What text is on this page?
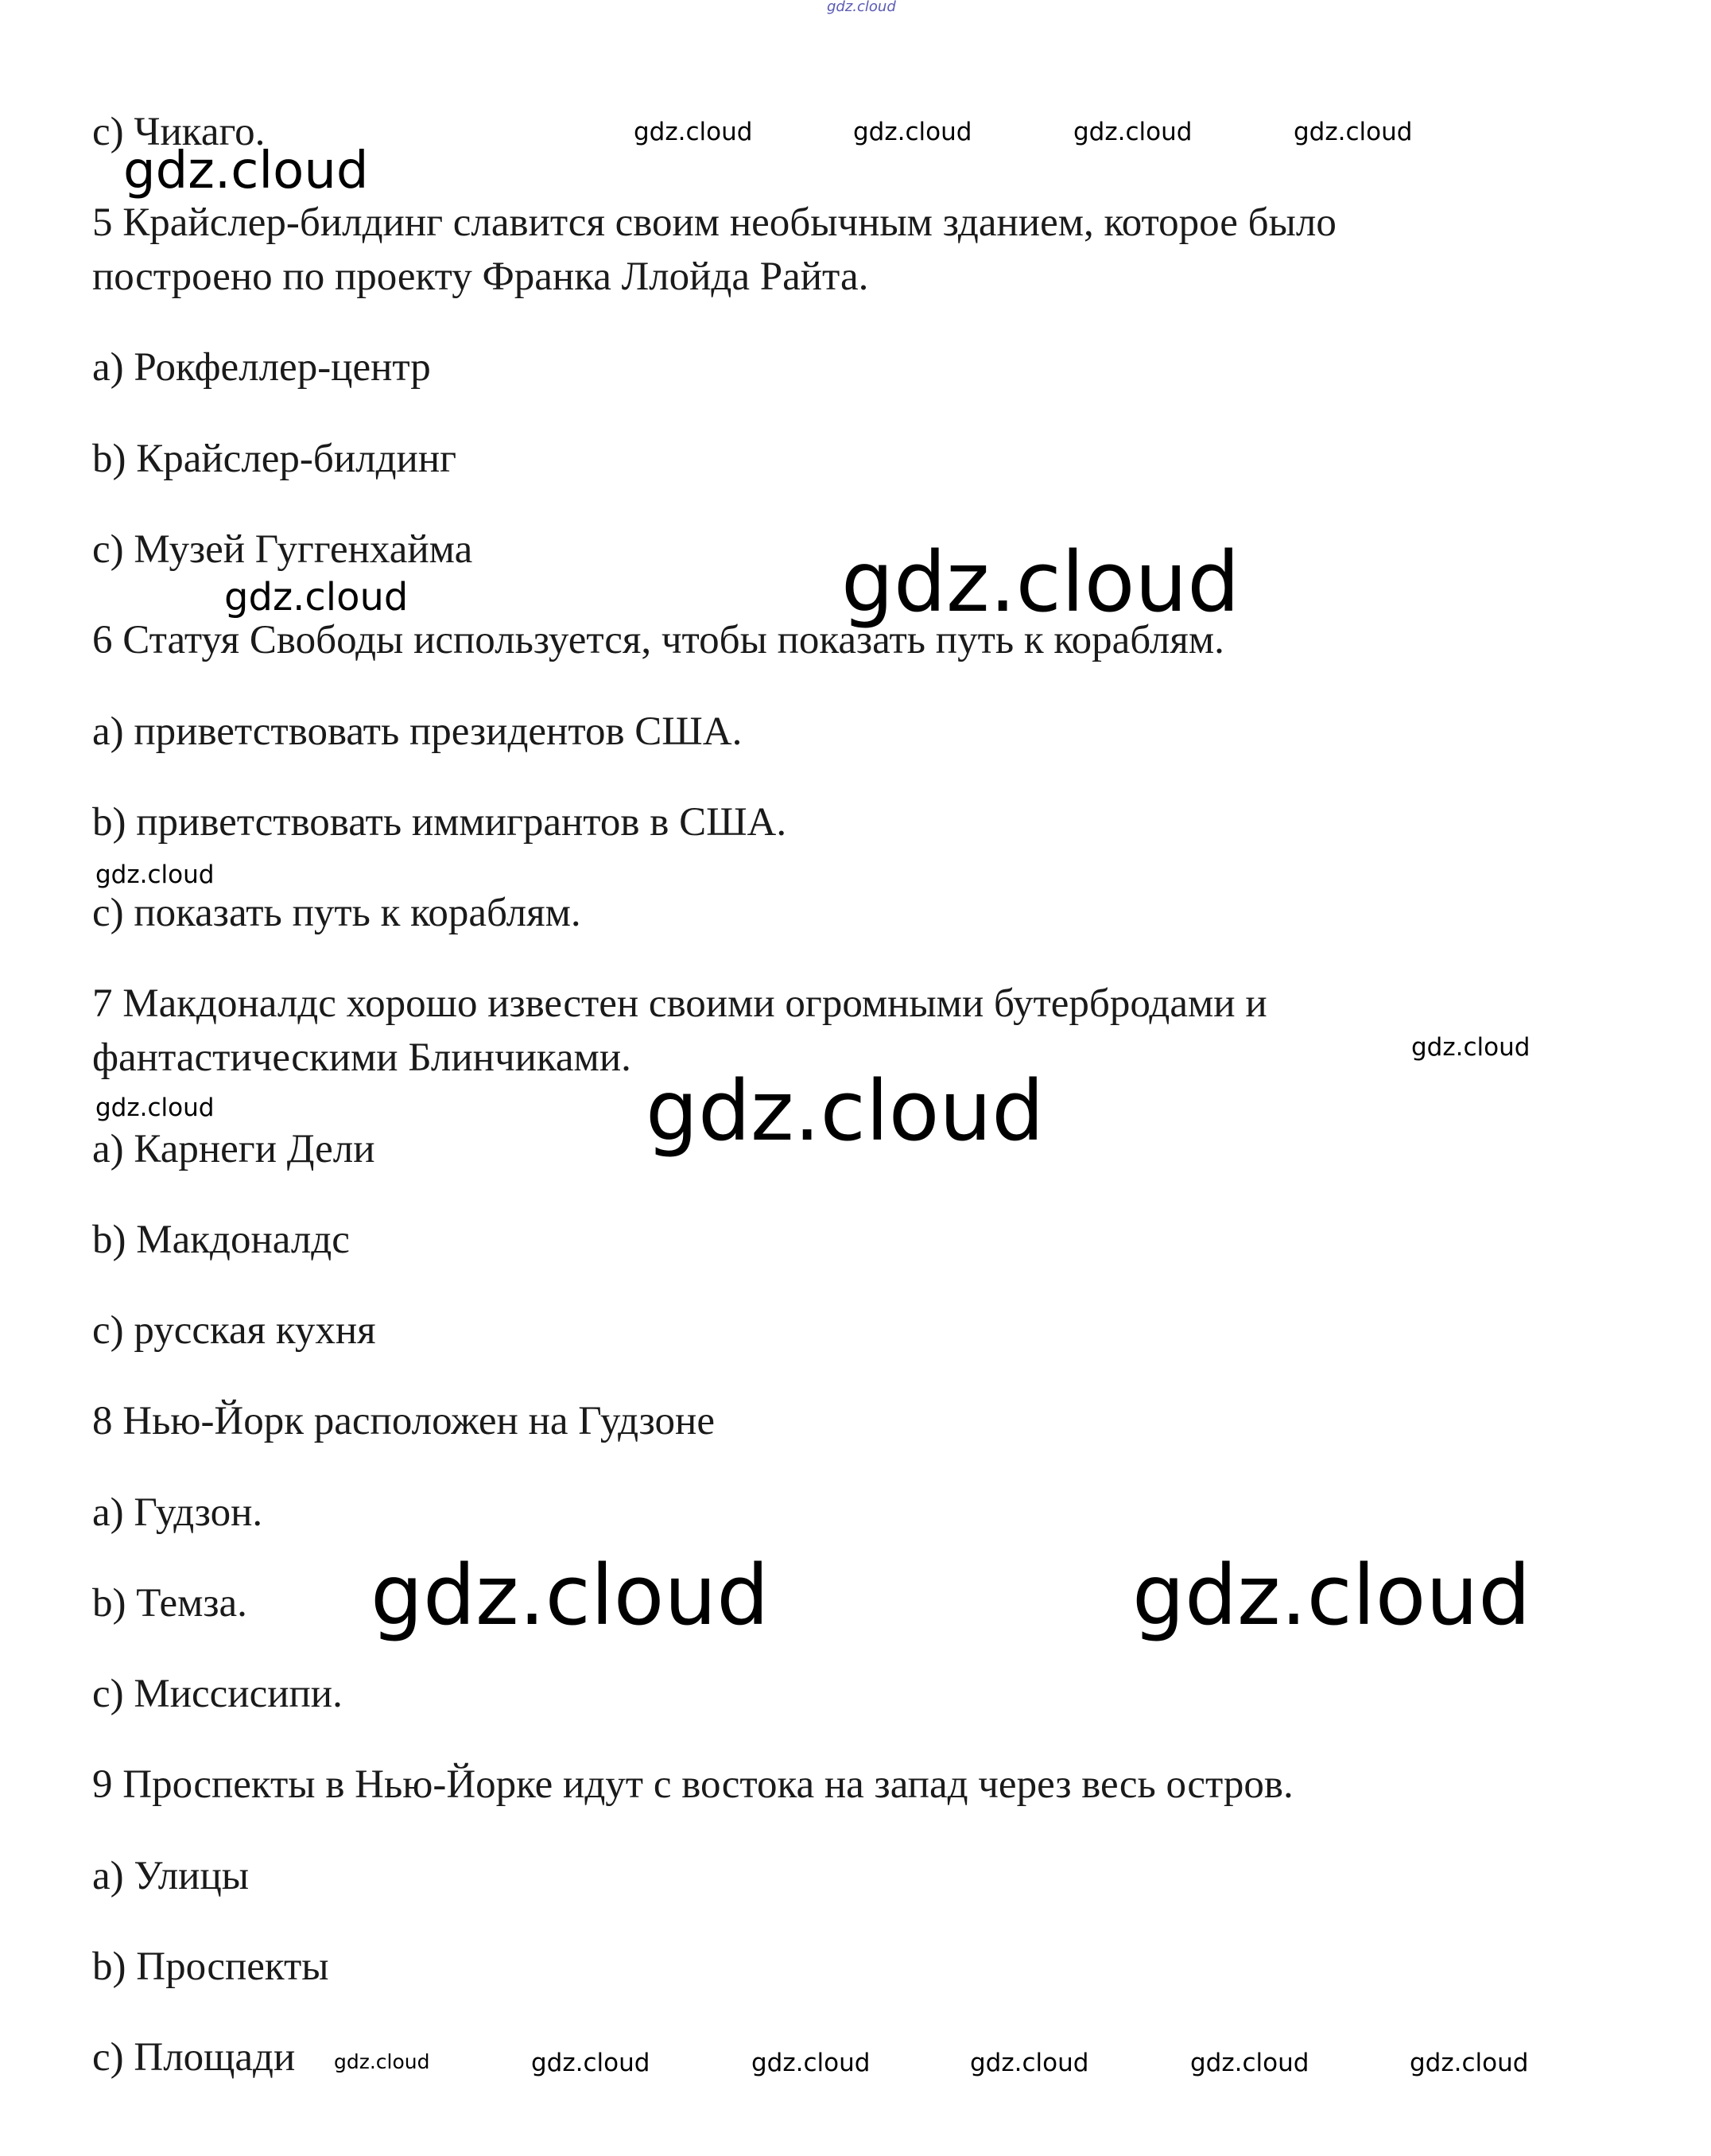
gdz.cloud
c) Чикаго.
5 Крайслер-билдинг славится своим необычным зданием, которое было
построено по проекту Франка Ллойда Райта.
a) Рокфеллер-центр
b) Крайслер-билдинг
c) Музей Гуггенхайма
6 Статуя Свободы используется, чтобы показать путь к кораблям.
a) приветствовать президентов США.
b) приветствовать иммигрантов в США.
c) показать путь к кораблям.
7 Макдоналдс хорошо известен своими огромными бутербродами и
фантастическими Блинчиками.
a) Карнеги Дели
b) Макдоналдс
c) русская кухня
8 Нью-Йорк расположен на Гудзоне
a) Гудзон.
b) Темза.
c) Миссисипи.
9 Проспекты в Нью-Йорке идут с востока на запад через весь остров.
a) Улицы
b) Проспекты
c) Площади
gdz.cloud	gdz.cloud	gdz.cloud	gdz.cloud
gdz.cloud
gdz.cloud	gdz.cloud
gdz.cloud
gdz.cloud
gdz.cloud	gdz.cloud
gdz.cloud	gdz.cloud
gdz.cloud	gdz.cloud	gdz.cloud	gdz.cloud	gdz.cloud	gdz.cloud
